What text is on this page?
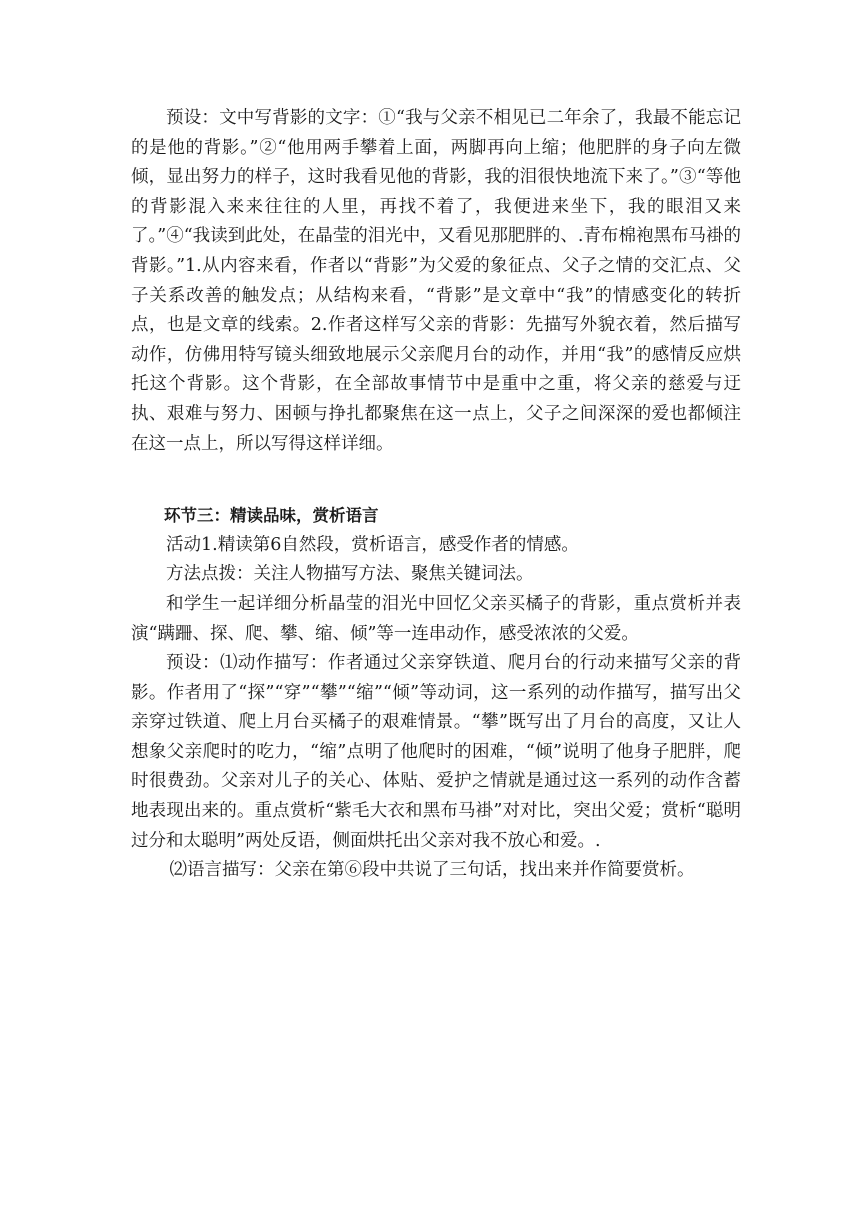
预设：文中写背影的文字：①“我与父亲不相见已二年余了，我最不能忘记的是他的背影。”②“他用两手攀着上面，两脚再向上缩；他肥胖的身子向左微倾，显出努力的样子，这时我看见他的背影，我的泪很快地流下来了。”③“等他的背影混入来来往往的人里，再找不着了，我便进来坐下，我的眼泪又来了。”④“我读到此处，在晶莹的泪光中，又看见那肥胖的、.青布棉袍黑布马褂的背影。”1.从内容来看，作者以“背影”为父爱的象征点、父子之情的交汇点、父子关系改善的触发点；从结构来看，“背影”是文章中“我”的情感变化的转折点，也是文章的线索。2.作者这样写父亲的背影：先描写外貌衣着，然后描写动作，仿佛用特写镜头细致地展示父亲爬月台的动作，并用“我”的感情反应烘托这个背影。这个背影，在全部故事情节中是重中之重，将父亲的慈爱与迂执、艰难与努力、困顿与挣扎都聚焦在这一点上，父子之间深深的爱也都倾注在这一点上，所以写得这样详细。

环节三：精读品味，赏析语言

活动1.精读第6自然段，赏析语言，感受作者的情感。

方法点拨：关注人物描写方法、聚焦关键词法。

和学生一起详细分析晶莹的泪光中回忆父亲买橘子的背影，重点赏析并表演“蹒跚、探、爬、攀、缩、倾”等一连串动作，感受浓浓的父爱。

预设：⑴动作描写：作者通过父亲穿铁道、爬月台的行动来描写父亲的背影。作者用了“探”“穿”“攀”“缩”“倾”等动词，这一系列的动作描写，描写出父亲穿过铁道、爬上月台买橘子的艰难情景。“攀”既写出了月台的高度，又让人想象父亲爬时的吃力，“缩”点明了他爬时的困难，“倾”说明了他身子肥胖，爬时很费劲。父亲对儿子的关心、体贴、爱护之情就是通过这一系列的动作含蓄地表现出来的。重点赏析“紫毛大衣和黑布马褂”对对比，突出父爱；赏析“聪明过分和太聪明”两处反语，侧面烘托出父亲对我不放心和爱。.

⑵语言描写：父亲在第⑥段中共说了三句话，找出来并作简要赏析。
